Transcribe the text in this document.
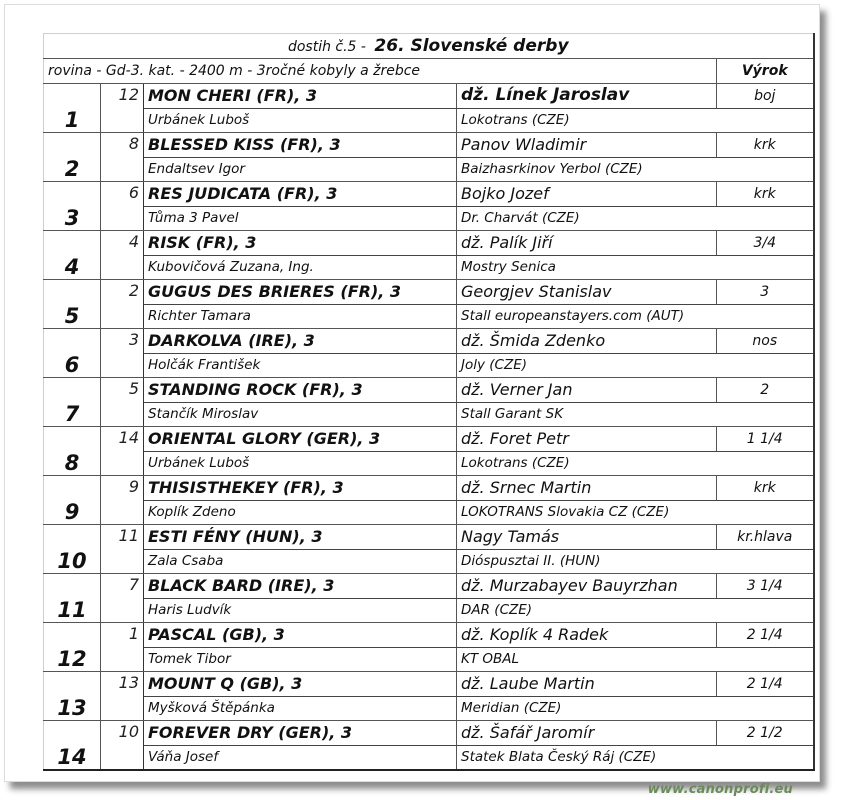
dostih č.5 - 26. Slovenské derby				
rovina - Gd-3. kat. - 2400 m - 3ročné kobyly a žrebce				Výrok
1	12	MON CHERI (FR), 3	dž. Línek Jaroslav	boj
		Urbánek Luboš	Lokotrans (CZE)	
2	8	BLESSED KISS (FR), 3	Panov Wladimir	krk
		Endaltsev Igor	Baizhasrkinov Yerbol (CZE)	
3	6	RES JUDICATA (FR), 3	Bojko Jozef	krk
		Tůma 3 Pavel	Dr. Charvát (CZE)	
4	4	RISK (FR), 3	dž. Palík Jiří	3/4
		Kubovičová Zuzana, Ing.	Mostry Senica	
5	2	GUGUS DES BRIERES (FR), 3	Georgjev Stanislav	3
		Richter Tamara	Stall europeanstayers.com (AUT)	
6	3	DARKOLVA (IRE), 3	dž. Šmida Zdenko	nos
		Holčák František	Joly (CZE)	
7	5	STANDING ROCK (FR), 3	dž. Verner Jan	2
		Stančík Miroslav	Stall Garant SK	
8	14	ORIENTAL GLORY (GER), 3	dž. Foret Petr	1 1/4
		Urbánek Luboš	Lokotrans (CZE)	
9	9	THISISTHEKEY (FR), 3	dž. Srnec Martin	krk
		Koplík Zdeno	LOKOTRANS Slovakia CZ (CZE)	
10	11	ESTI FÉNY (HUN), 3	Nagy Tamás	kr.hlava
		Zala Csaba	Dióspusztai II. (HUN)	
11	7	BLACK BARD (IRE), 3	dž. Murzabayev Bauyrzhan	3 1/4
		Haris Ludvík	DAR (CZE)	
12	1	PASCAL (GB), 3	dž. Koplík 4 Radek	2 1/4
		Tomek Tibor	KT OBAL	
13	13	MOUNT Q (GB), 3	dž. Laube Martin	2 1/4
		Myšková Štěpánka	Meridian (CZE)	
14	10	FOREVER DRY (GER), 3	dž. Šafář Jaromír	2 1/2
		Váňa Josef	Statek Blata Český Ráj (CZE)	
www.canonprofi.eu
